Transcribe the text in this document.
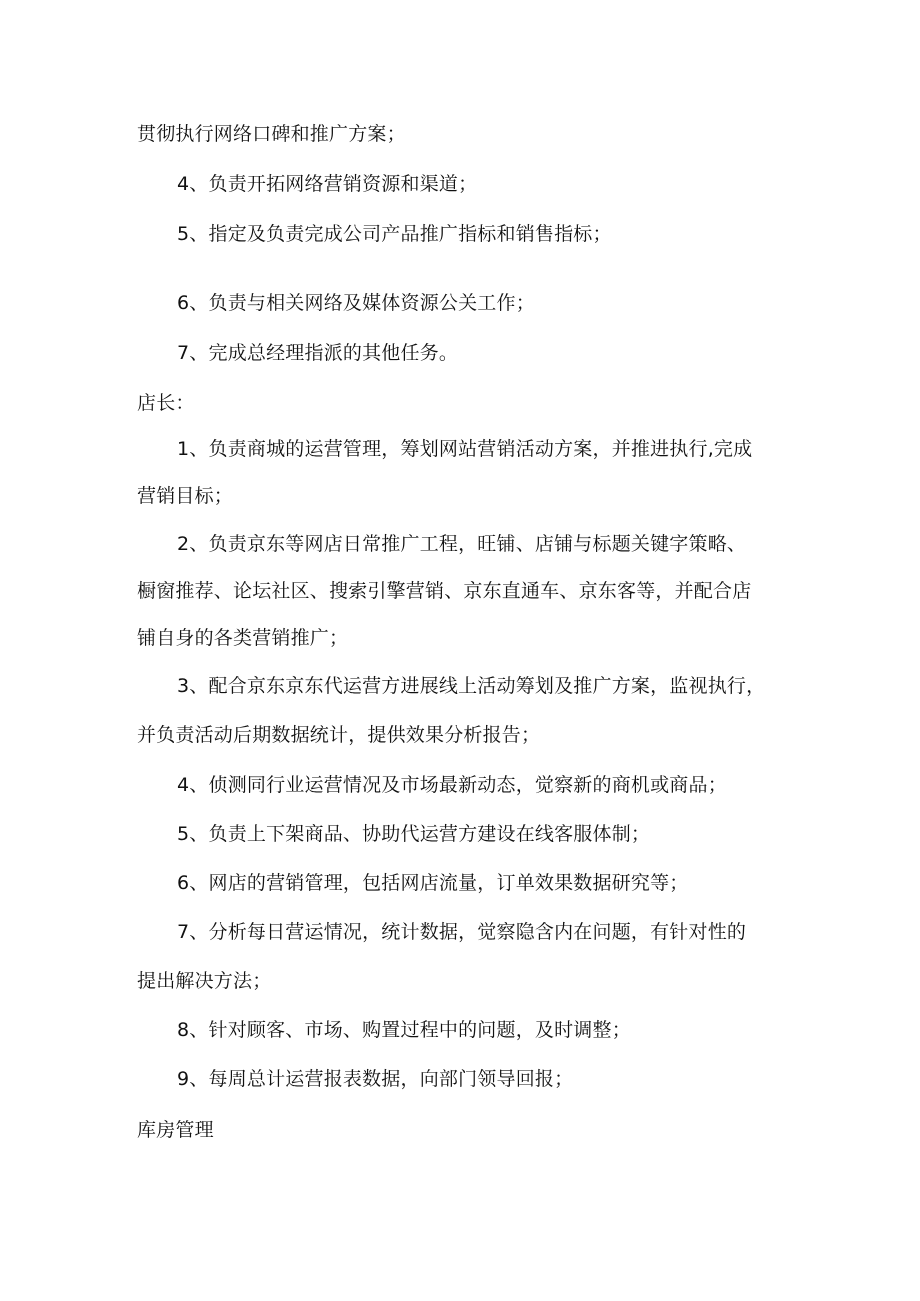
贯彻执行网络口碑和推广方案；
4、负责开拓网络营销资源和渠道；
5、指定及负责完成公司产品推广指标和销售指标；
6、负责与相关网络及媒体资源公关工作；
7、完成总经理指派的其他任务。
店长：
1、负责商城的运营管理，筹划网站营销活动方案，并推进执行,完成
营销目标；
2、负责京东等网店日常推广工程，旺铺、店铺与标题关键字策略、
橱窗推荐、论坛社区、搜索引擎营销、京东直通车、京东客等，并配合店
铺自身的各类营销推广；
3、配合京东京东代运营方进展线上活动筹划及推广方案，监视执行，
并负责活动后期数据统计，提供效果分析报告；
4、侦测同行业运营情况及市场最新动态，觉察新的商机或商品；
5、负责上下架商品、协助代运营方建设在线客服体制；
6、网店的营销管理，包括网店流量，订单效果数据研究等；
7、分析每日营运情况，统计数据，觉察隐含内在问题，有针对性的
提出解决方法；
8、针对顾客、市场、购置过程中的问题，及时调整；
9、每周总计运营报表数据，向部门领导回报；
库房管理
